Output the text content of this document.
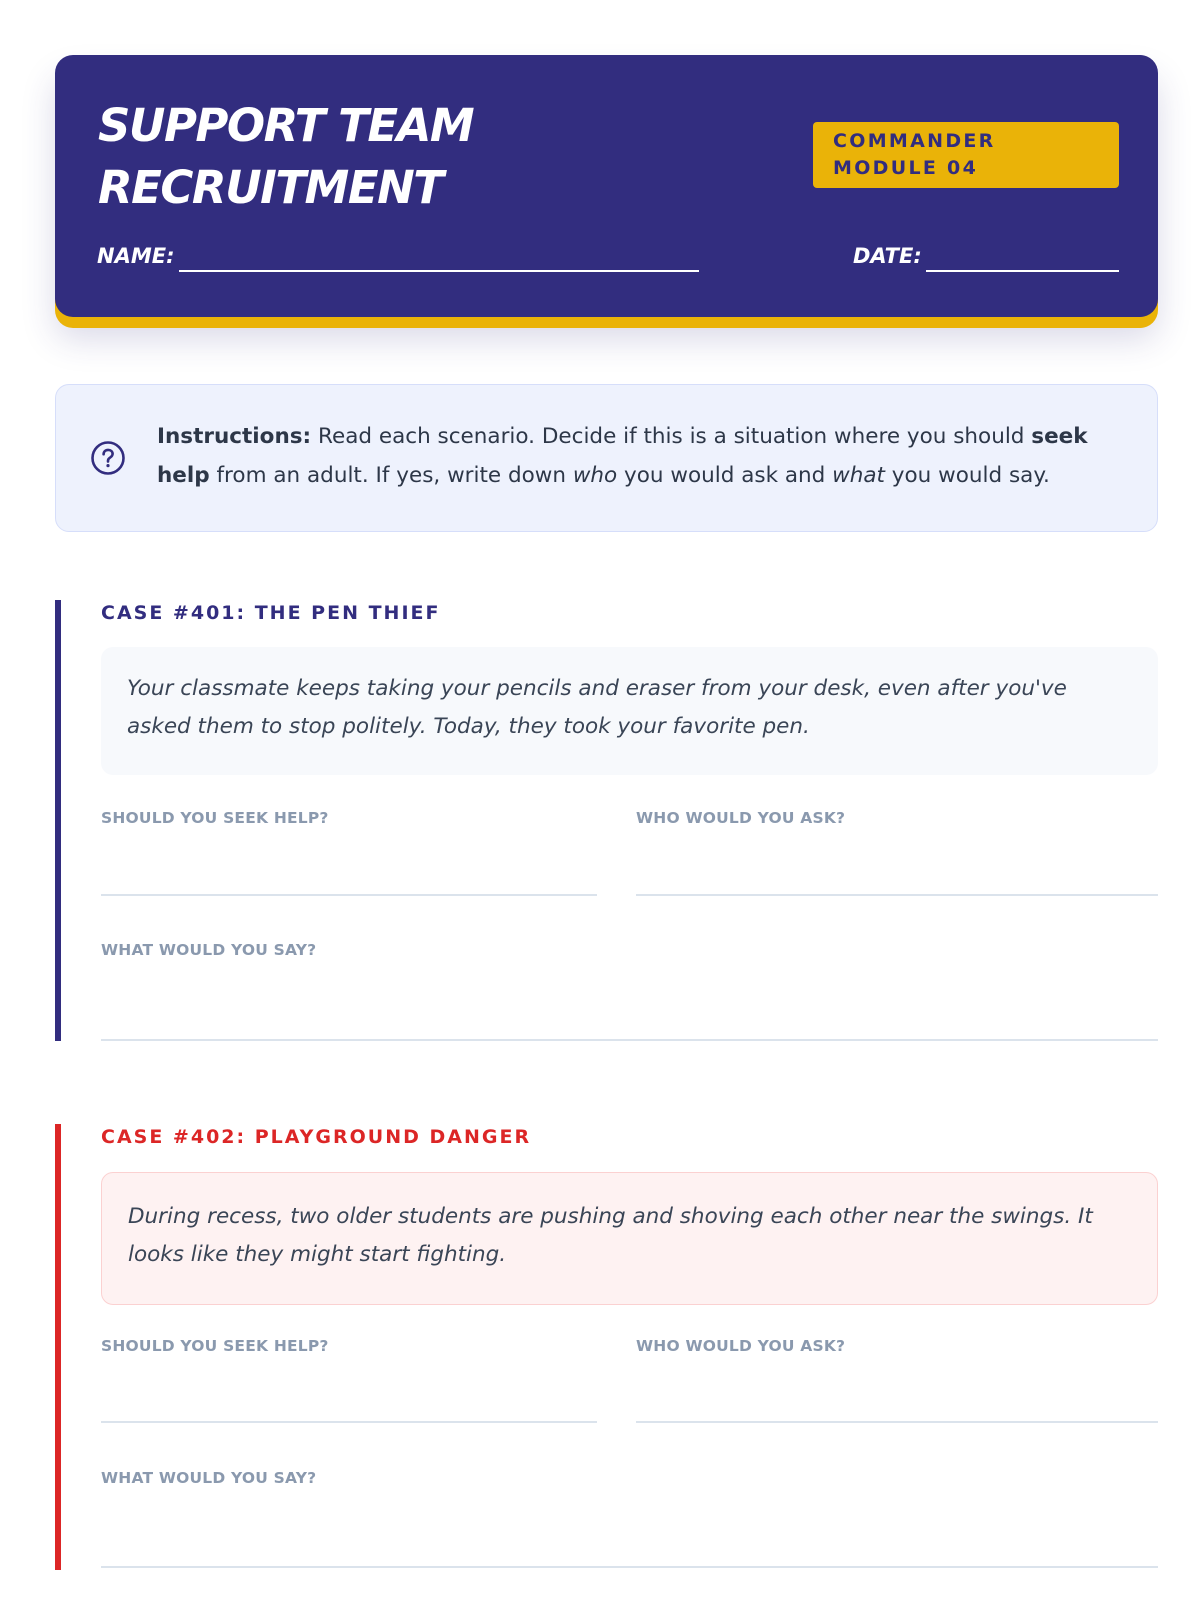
SUPPORT TEAM
RECRUITMENT
COMMANDER MODULE 04
NAME:	DATE:

Instructions: Read each scenario. Decide if this is a situation where you should seek help from an adult. If yes, write down who you would ask and what you would say.

CASE #401: THE PEN THIEF

Your classmate keeps taking your pencils and eraser from your desk, even after you've asked them to stop politely. Today, they took your favorite pen.

SHOULD YOU SEEK HELP?	WHO WOULD YOU ASK?
WHAT WOULD YOU SAY?
CASE #402: PLAYGROUND DANGER

During recess, two older students are pushing and shoving each other near the swings. It looks like they might start fighting.

SHOULD YOU SEEK HELP?	WHO WOULD YOU ASK?
WHAT WOULD YOU SAY?
